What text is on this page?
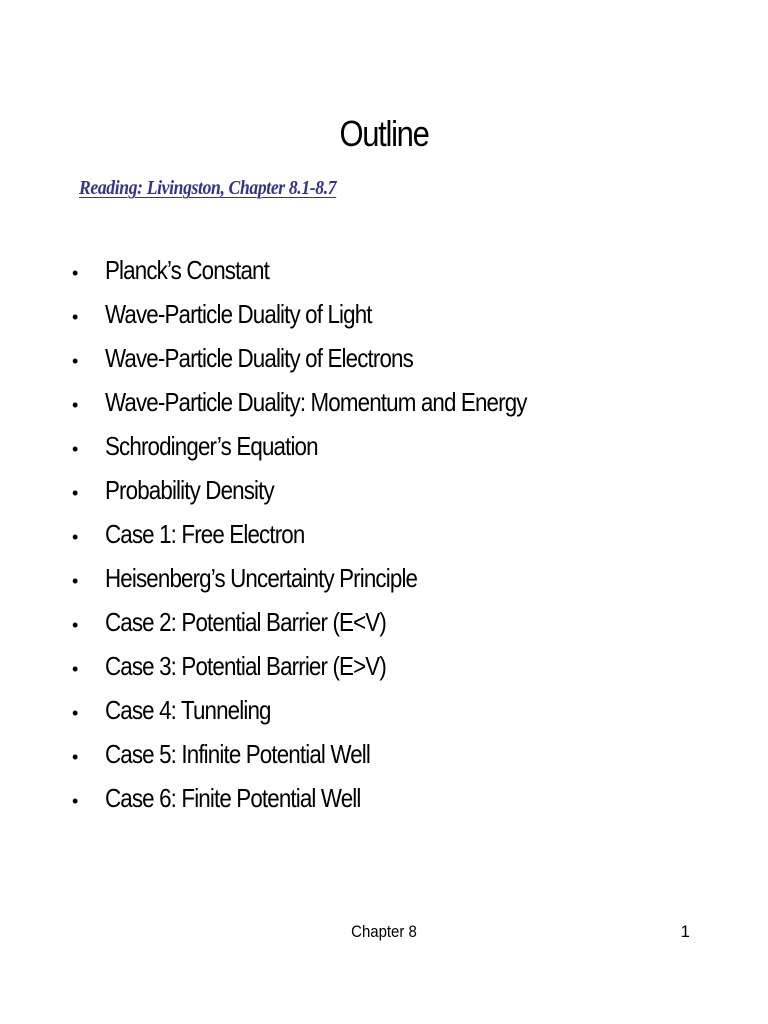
Outline
Reading: Livingston, Chapter 8.1-8.7
•	Planck’s Constant
•	Wave-Particle Duality of Light
•	Wave-Particle Duality of Electrons
•	Wave-Particle Duality: Momentum and Energy
•	Schrodinger’s Equation
•	Probability Density
•	Case 1: Free Electron
•	Heisenberg’s Uncertainty Principle
•	Case 2: Potential Barrier (E<V)
•	Case 3: Potential Barrier (E>V)
•	Case 4: Tunneling
•	Case 5: Infinite Potential Well
•	Case 6: Finite Potential Well
Chapter 8	1
